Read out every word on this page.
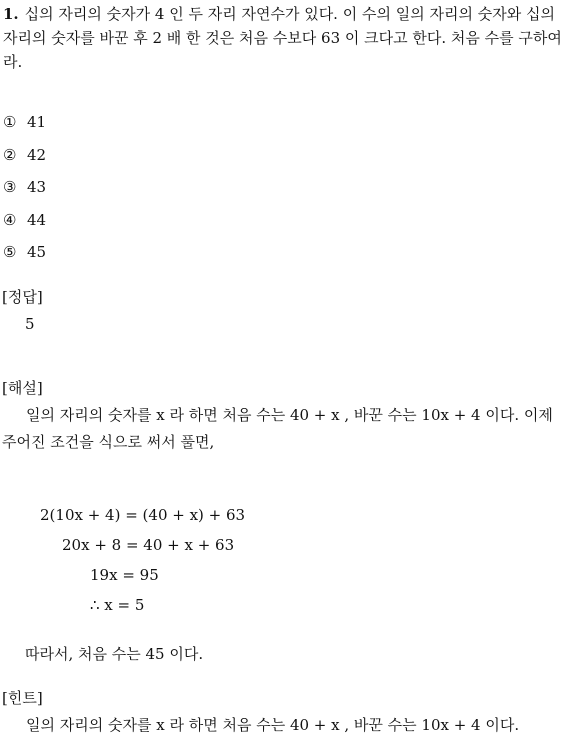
1. 십의 자리의 숫자가 4 인 두 자리 자연수가 있다. 이 수의 일의 자리의 숫자와 십의 자리의 숫자를 바꾼 후 2 배 한 것은 처음 수보다 63 이 크다고 한다. 처음 수를 구하여라.
① 41
② 42
③ 43
④ 44
⑤ 45
[정답]
5
[해설]
일의 자리의 숫자를 x 라 하면 처음 수는 40 + x , 바꾼 수는 10x + 4 이다. 이제 주어진 조건을 식으로 써서 풀면,
2(10x + 4) = (40 + x) + 63
20x + 8 = 40 + x + 63
19x = 95
∴ x = 5
따라서, 처음 수는 45 이다.
[힌트]
일의 자리의 숫자를 x 라 하면 처음 수는 40 + x , 바꾼 수는 10x + 4 이다.
